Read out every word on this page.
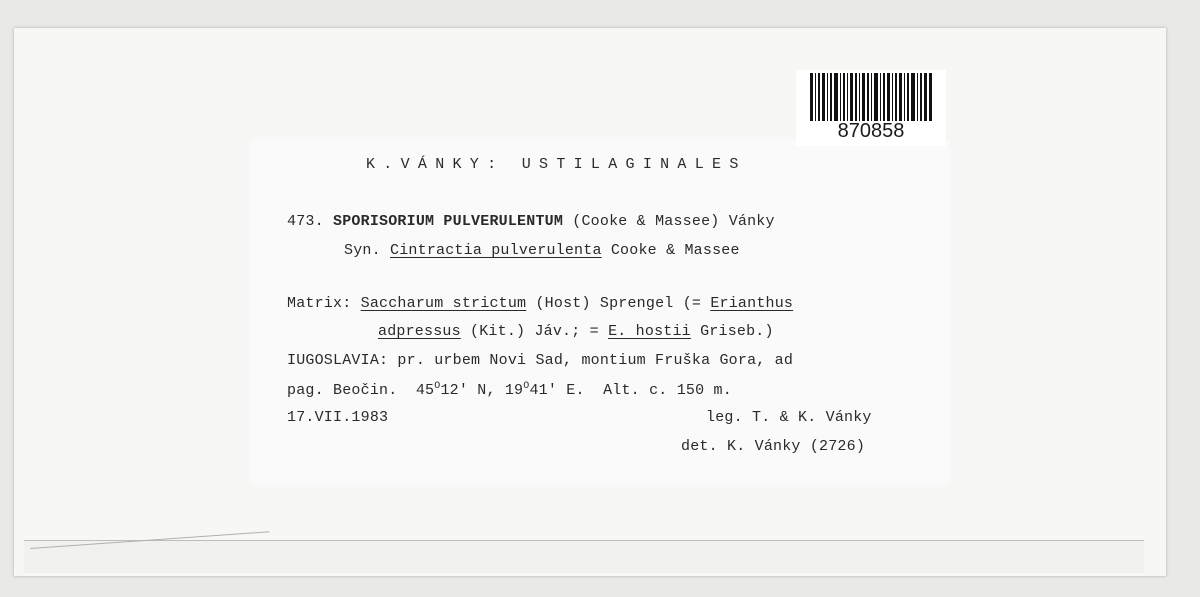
870858
K.VÁNKY: USTILAGINALES
473. SPORISORIUM PULVERULENTUM (Cooke & Massee) Vánky
Syn. Cintractia pulverulenta Cooke & Massee
Matrix: Saccharum strictum (Host) Sprengel (= Erianthus
adpressus (Kit.) Jáv.; = E. hostii Griseb.)
IUGOSLAVIA: pr. urbem Novi Sad, montium Fruška Gora, ad
pag. Beočin.  $45^O12'$ N, $19^O41'$ E.  Alt. c. 150 m.
17.VII.1983	leg. T. & K. Vánky
det. K. Vánky (2726)
